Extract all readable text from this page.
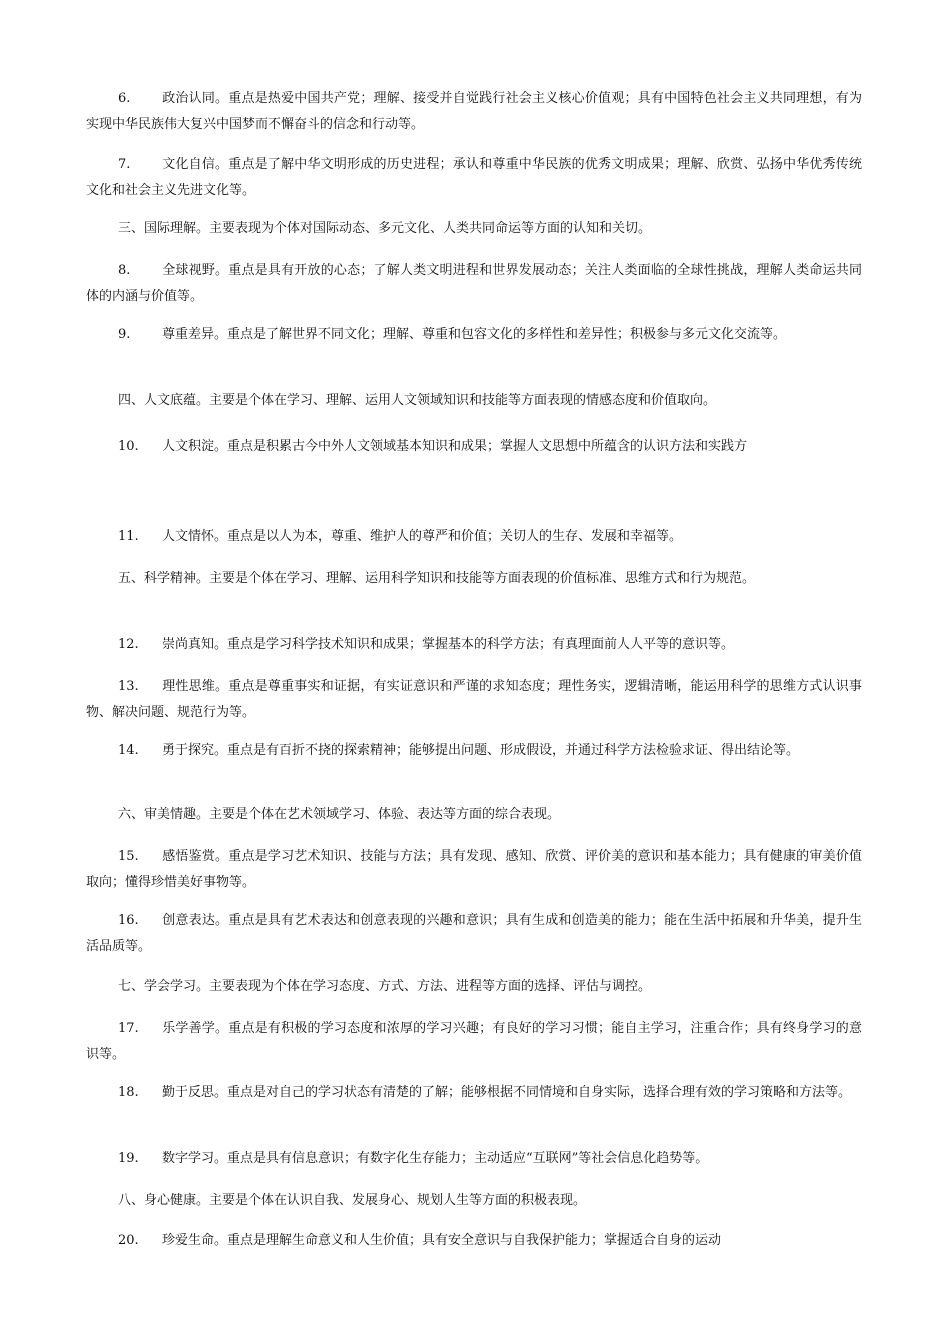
6. 政治认同。重点是热爱中国共产党；理解、接受并自觉践行社会主义核心价值观；具有中国特色社会主义共同理想，有为实现中华民族伟大复兴中国梦而不懈奋斗的信念和行动等。

7. 文化自信。重点是了解中华文明形成的历史进程；承认和尊重中华民族的优秀文明成果；理解、欣赏、弘扬中华优秀传统文化和社会主义先进文化等。

三、国际理解。主要表现为个体对国际动态、多元文化、人类共同命运等方面的认知和关切。

8. 全球视野。重点是具有开放的心态；了解人类文明进程和世界发展动态；关注人类面临的全球性挑战，理解人类命运共同体的内涵与价值等。

9. 尊重差异。重点是了解世界不同文化；理解、尊重和包容文化的多样性和差异性；积极参与多元文化交流等。

四、人文底蕴。主要是个体在学习、理解、运用人文领域知识和技能等方面表现的情感态度和价值取向。

10. 人文积淀。重点是积累古今中外人文领域基本知识和成果；掌握人文思想中所蕴含的认识方法和实践方

11. 人文情怀。重点是以人为本，尊重、维护人的尊严和价值；关切人的生存、发展和幸福等。

五、科学精神。主要是个体在学习、理解、运用科学知识和技能等方面表现的价值标准、思维方式和行为规范。

12. 崇尚真知。重点是学习科学技术知识和成果；掌握基本的科学方法；有真理面前人人平等的意识等。

13. 理性思维。重点是尊重事实和证据，有实证意识和严谨的求知态度；理性务实，逻辑清晰，能运用科学的思维方式认识事物、解决问题、规范行为等。

14. 勇于探究。重点是有百折不挠的探索精神；能够提出问题、形成假设，并通过科学方法检验求证、得出结论等。

六、审美情趣。主要是个体在艺术领域学习、体验、表达等方面的综合表现。

15. 感悟鉴赏。重点是学习艺术知识、技能与方法；具有发现、感知、欣赏、评价美的意识和基本能力；具有健康的审美价值取向；懂得珍惜美好事物等。

16. 创意表达。重点是具有艺术表达和创意表现的兴趣和意识；具有生成和创造美的能力；能在生活中拓展和升华美，提升生活品质等。

七、学会学习。主要表现为个体在学习态度、方式、方法、进程等方面的选择、评估与调控。

17. 乐学善学。重点是有积极的学习态度和浓厚的学习兴趣；有良好的学习习惯；能自主学习，注重合作；具有终身学习的意识等。

18. 勤于反思。重点是对自己的学习状态有清楚的了解；能够根据不同情境和自身实际，选择合理有效的学习策略和方法等。

19. 数字学习。重点是具有信息意识；有数字化生存能力；主动适应“互联网”等社会信息化趋势等。

八、身心健康。主要是个体在认识自我、发展身心、规划人生等方面的积极表现。

20. 珍爱生命。重点是理解生命意义和人生价值；具有安全意识与自我保护能力；掌握适合自身的运动
